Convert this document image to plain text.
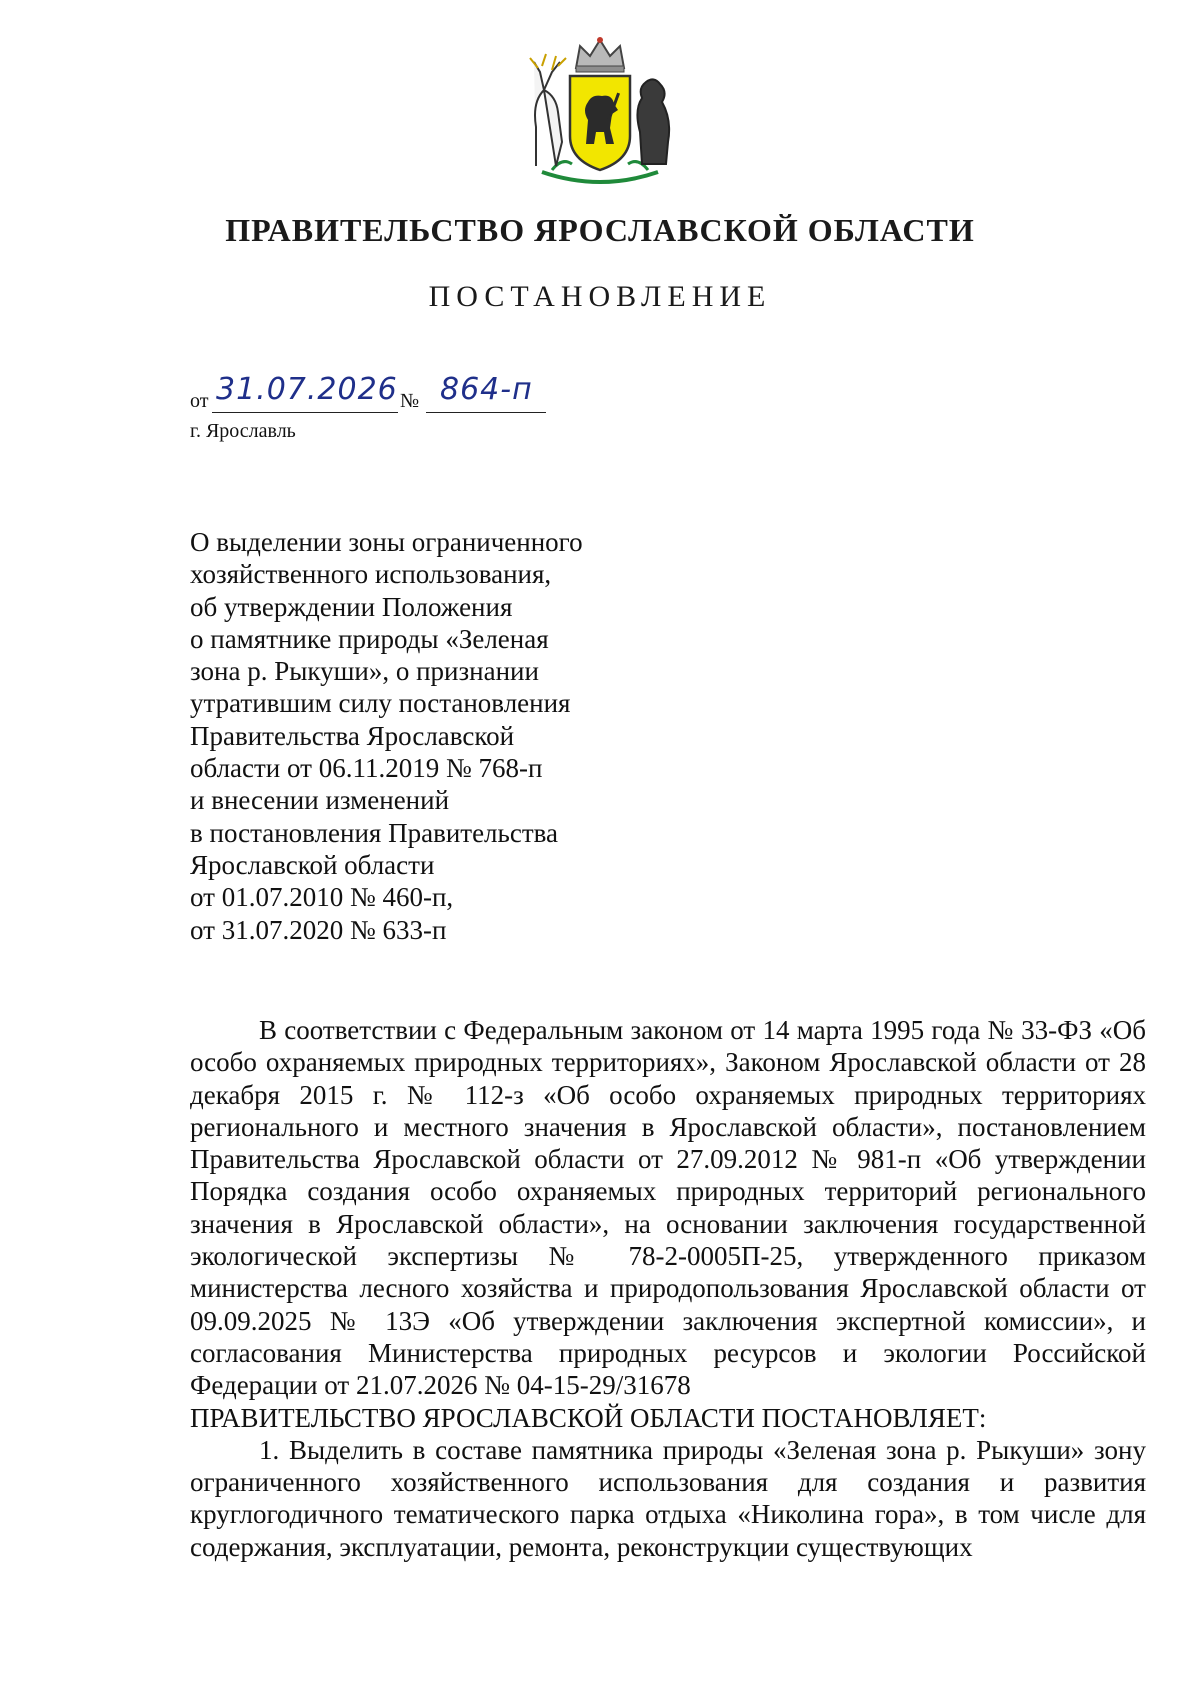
ПРАВИТЕЛЬСТВО ЯРОСЛАВСКОЙ ОБЛАСТИ
ПОСТАНОВЛЕНИЕ
от 31.07.2026 № 864-п
г. Ярославль
О выделении зоны ограниченного
хозяйственного использования,
об утверждении Положения
о памятнике природы «Зеленая
зона р. Рыкуши», о признании
утратившим силу постановления
Правительства Ярославской
области от 06.11.2019 № 768-п
и внесении изменений
в постановления Правительства
Ярославской области
от 01.07.2010 № 460-п,
от 31.07.2020 № 633-п

В соответствии с Федеральным законом от 14 марта 1995 года № 33-ФЗ «Об особо охраняемых природных территориях», Законом Ярославской области от 28 декабря 2015 г. № 112-з «Об особо охраняемых природных территориях регионального и местного значения в Ярославской области», постановлением Правительства Ярославской области от 27.09.2012 № 981-п «Об утверждении Порядка создания особо охраняемых природных территорий регионального значения в Ярославской области», на основании заключения государственной экологической экспертизы № 78-2-0005П-25, утвержденного приказом министерства лесного хозяйства и природопользования Ярославской области от 09.09.2025 № 13Э «Об утверждении заключения экспертной комиссии», и согласования Министерства природных ресурсов и экологии Российской Федерации от 21.07.2026 № 04-15-29/31678

ПРАВИТЕЛЬСТВО ЯРОСЛАВСКОЙ ОБЛАСТИ ПОСТАНОВЛЯЕТ:

1. Выделить в составе памятника природы «Зеленая зона р. Рыкуши» зону ограниченного хозяйственного использования для создания и развития круглогодичного тематического парка отдыха «Николина гора», в том числе для содержания, эксплуатации, ремонта, реконструкции существующих
